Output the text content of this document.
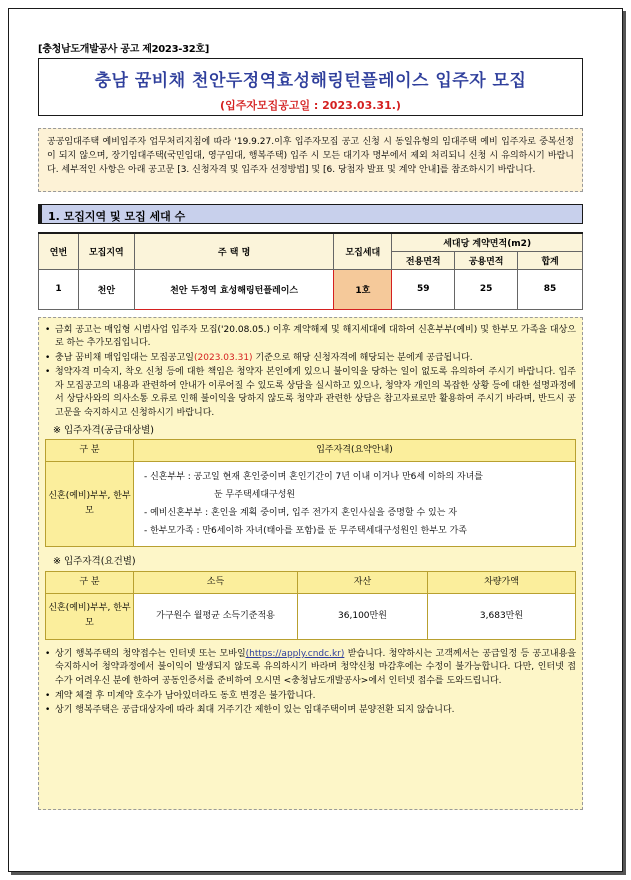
[충청남도개발공사 공고 제2023-32호]
충남 꿈비채 천안두정역효성해링턴플레이스 입주자 모집
(입주자모집공고일 : 2023.03.31.)
공공임대주택 예비입주자 업무처리지침에 따라 '19.9.27.이후 입주자모집 공고 신청 시 동일유형의 임대주택 예비 입주자로 중복선정이 되지 않으며, 장기임대주택(국민임대, 영구임대, 행복주택) 입주 시 모든 대기자 명부에서 제외 처리되니 신청 시 유의하시기 바랍니다. 세부적인 사항은 아래 공고문 [3. 신청자격 및 입주자 선정방법] 및 [6. 당첨자 발표 및 계약 안내]를 참조하시기 바랍니다.
1. 모집지역 및 모집 세대 수
연번	모집지역	주 택 명	모집세대	세대당 계약면적(m2)		
				전용면적	공용면적	합계
1	천안	천안 두정역 효성해링턴플레이스	1호	59	25	85
• 금회 공고는 매입형 시범사업 입주자 모집('20.08.05.) 이후 계약해제 및 해지세대에 대하여 신혼부부(예비) 및 한부모 가족을 대상으로 하는 추가모집입니다.
• 충남 꿈비채 매입임대는 모집공고일(2023.03.31) 기준으로 해당 신청자격에 해당되는 분에게 공급됩니다.
• 청약자격 미숙지, 착오 신청 등에 대한 책임은 청약자 본인에게 있으니 불이익을 당하는 일이 없도록 유의하여 주시기 바랍니다. 입주자 모집공고의 내용과 관련하여 안내가 이루어질 수 있도록 상담을 실시하고 있으나, 청약자 개인의 복잡한 상황 등에 대한 설명과정에서 상담사와의 의사소통 오류로 인해 불이익을 당하지 않도록 청약과 관련한 상담은 참고자료로만 활용하여 주시기 바라며, 반드시 공고문을 숙지하시고 신청하시기 바랍니다.
※ 입주자격(공급대상별)
구 분	입주자격(요약안내)
신혼(예비)부부, 한부모	- 신혼부부 : 공고일 현재 혼인중이며 혼인기간이 7년 이내 이거나 만6세 이하의 자녀를
둔 무주택세대구성원
- 예비신혼부부 : 혼인을 계획 중이며, 입주 전가지 혼인사실을 증명할 수 있는 자
- 한부모가족 : 만6세이하 자녀(태아를 포함)를 둔 무주택세대구성원인 한부모 가족
※ 입주자격(요건별)
구 분	소득	자산	차량가액
신혼(예비)부부, 한부모	가구원수 월평균 소득기준적용	36,100만원	3,683만원
• 상기 행복주택의 청약접수는 인터넷 또는 모바일(https://apply.cndc.kr) 받습니다. 청약하시는 고객께서는 공급일정 등 공고내용을 숙지하시어 청약과정에서 불이익이 발생되지 않도록 유의하시기 바라며 청약신청 마감후에는 수정이 불가능합니다. 다만, 인터넷 접수가 어려우신 분에 한하여 공동인증서를 준비하여 오시면 <충청남도개발공사>에서 인터넷 접수를 도와드립니다.
• 계약 체결 후 미계약 호수가 남아있더라도 동호 변경은 불가합니다.
• 상기 행복주택은 공급대상자에 따라 최대 거주기간 제한이 있는 임대주택이며 분양전환 되지 않습니다.
